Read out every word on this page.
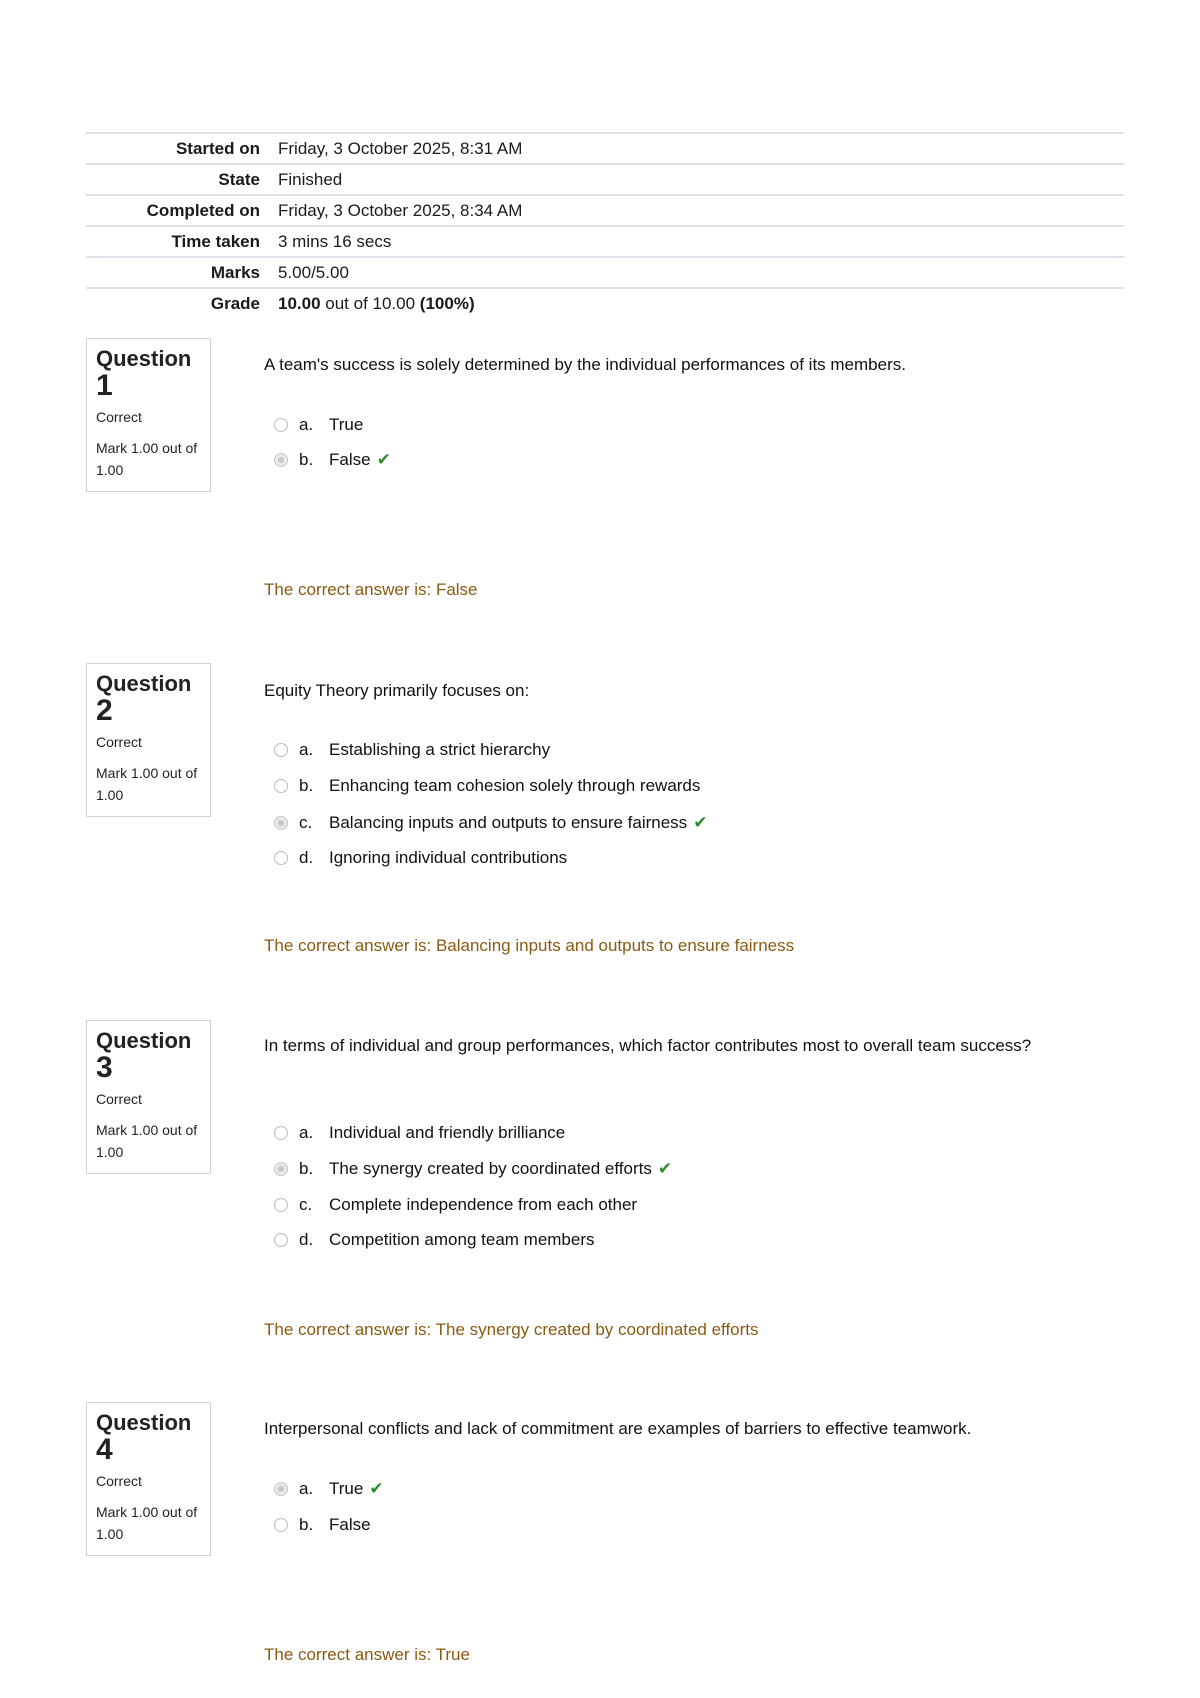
Started on	Friday, 3 October 2025, 8:31 AM
State	Finished
Completed on	Friday, 3 October 2025, 8:34 AM
Time taken	3 mins 16 secs
Marks	5.00/5.00
Grade	10.00 out of 10.00 (100%)
Question
1
Correct
Mark 1.00 out of 1.00
A team's success is solely determined by the individual performances of its members.
a. True
b. False ✔
The correct answer is: False
Question
2
Correct
Mark 1.00 out of 1.00
Equity Theory primarily focuses on:
a. Establishing a strict hierarchy
b. Enhancing team cohesion solely through rewards
c. Balancing inputs and outputs to ensure fairness ✔
d. Ignoring individual contributions
The correct answer is: Balancing inputs and outputs to ensure fairness
Question
3
Correct
Mark 1.00 out of 1.00
In terms of individual and group performances, which factor contributes most to overall team success?
a. Individual and friendly brilliance
b. The synergy created by coordinated efforts ✔
c. Complete independence from each other
d. Competition among team members
The correct answer is: The synergy created by coordinated efforts
Question
4
Correct
Mark 1.00 out of 1.00
Interpersonal conflicts and lack of commitment are examples of barriers to effective teamwork.
a. True ✔
b. False
The correct answer is: True
